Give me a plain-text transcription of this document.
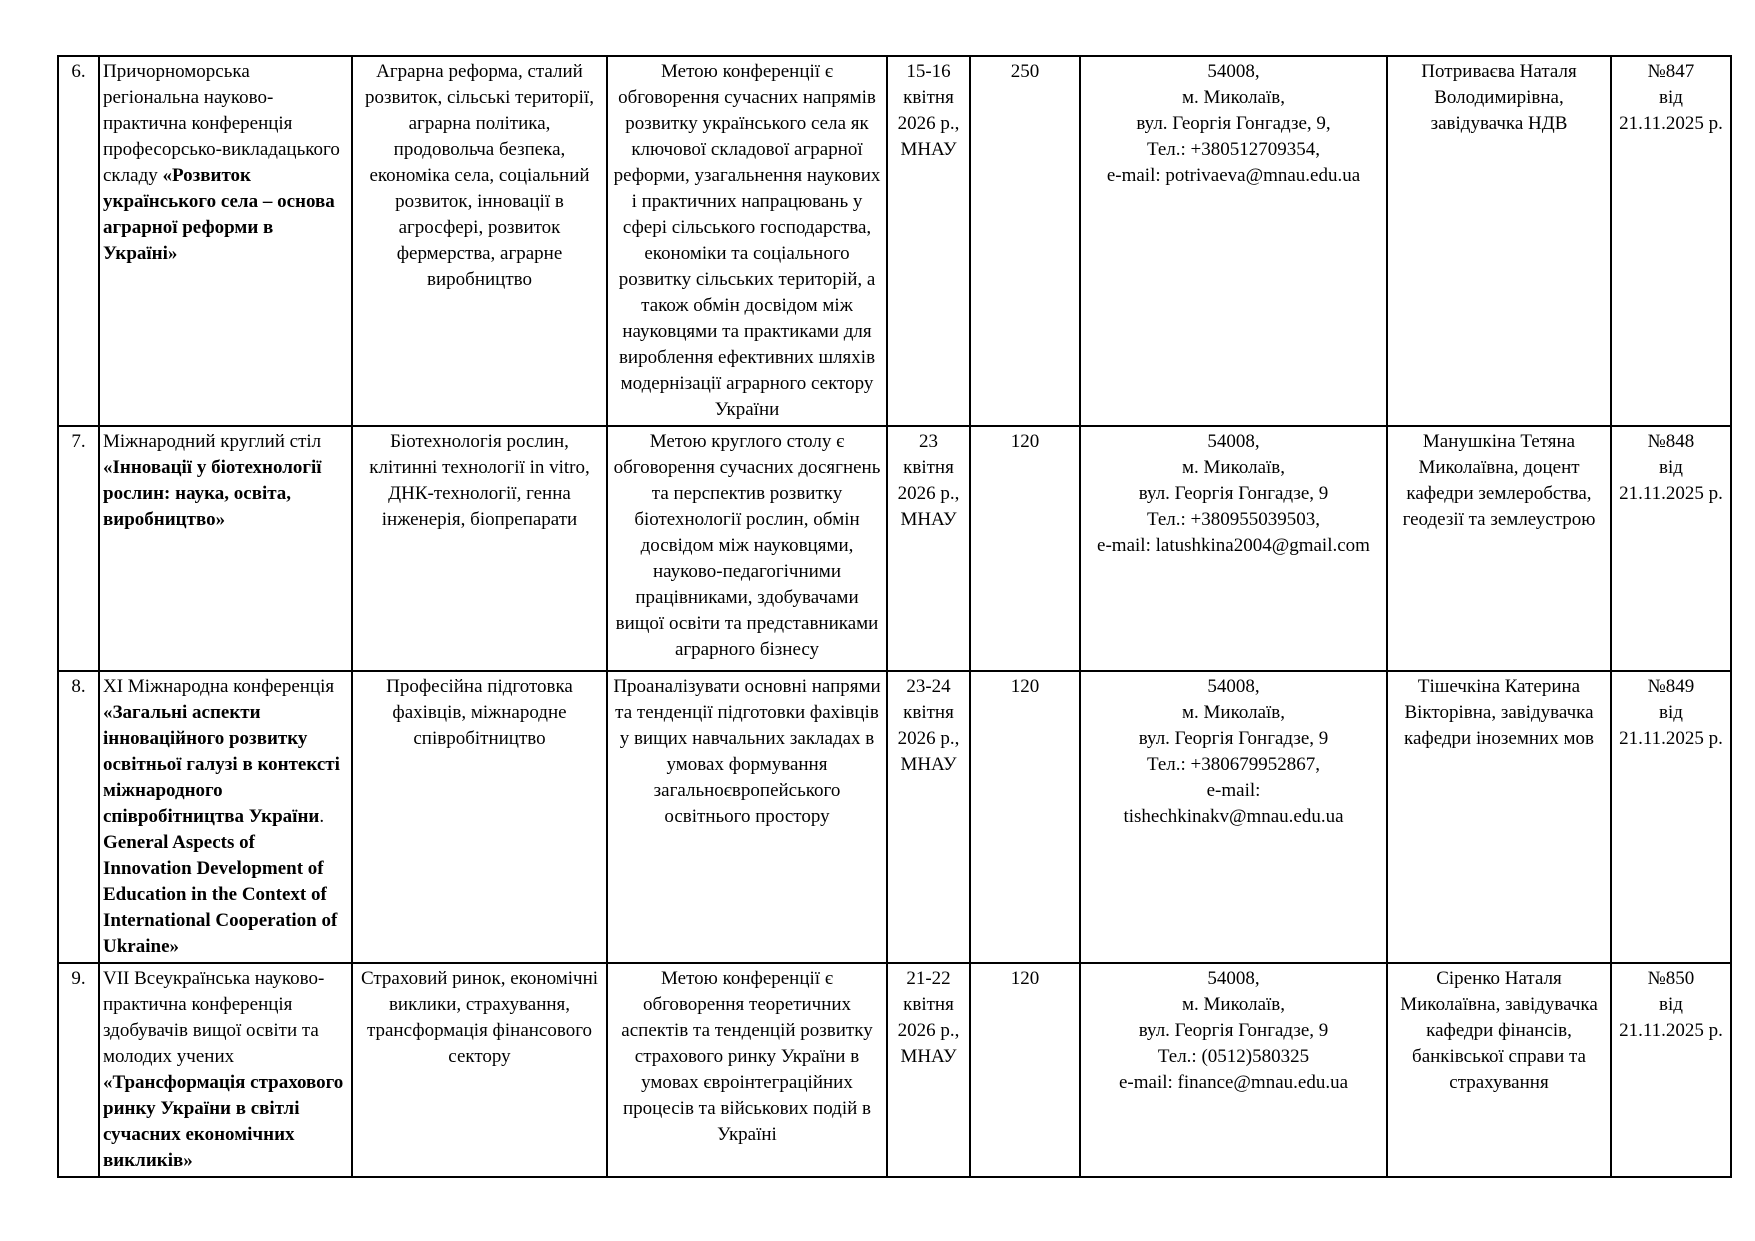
6.	Причорноморська регіональна науково-практична конференція професорсько-викладацького складу «Розвиток українського села – основа аграрної реформи в Україні»	Аграрна реформа, сталий розвиток, сільські території, аграрна політика, продовольча безпека, економіка села, соціальний розвиток, інновації в агросфері, розвиток фермерства, аграрне виробництво	Метою конференції є обговорення сучасних напрямів розвитку українського села як ключової складової аграрної реформи, узагальнення наукових і практичних напрацювань у сфері сільського господарства, економіки та соціального розвитку сільських територій, а також обмін досвідом між науковцями та практиками для вироблення ефективних шляхів модернізації аграрного сектору України	15-16
квітня
2026 р.,
МНАУ	250	54008,
м. Миколаїв,
вул. Георгія Гонгадзе, 9,
Тел.: +380512709354,
e-mail: potrivaeva@mnau.edu.ua	Потриваєва Наталя Володимирівна, завідувачка НДВ	№847
від
21.11.2025 р.
7.	Міжнародний круглий стіл «Інновації у біотехнології рослин: наука, освіта, виробництво»	Біотехнологія рослин, клітинні технології in vitro, ДНК-технології, генна інженерія, біопрепарати	Метою круглого столу є обговорення сучасних досягнень та перспектив розвитку біотехнології рослин, обмін досвідом між науковцями, науково-педагогічними працівниками, здобувачами вищої освіти та представниками аграрного бізнесу	23
квітня
2026 р.,
МНАУ	120	54008,
м. Миколаїв,
вул. Георгія Гонгадзе, 9
Тел.: +380955039503,
e-mail: latushkina2004@gmail.com	Манушкіна Тетяна Миколаївна, доцент кафедри землеробства, геодезії та землеустрою	№848
від
21.11.2025 р.
8.	ХІ Міжнародна конференція «Загальні аспекти інноваційного розвитку освітньої галузі в контексті міжнародного співробітництва України. General Aspects of Innovation Development of Education in the Context of International Cooperation of Ukraine»	Професійна підготовка фахівців, міжнародне співробітництво	Проаналізувати основні напрями та тенденції підготовки фахівців у вищих навчальних закладах в умовах формування загальноєвропейського освітнього простору	23-24
квітня
2026 р.,
МНАУ	120	54008,
м. Миколаїв,
вул. Георгія Гонгадзе, 9
Тел.: +380679952867,
e-mail:
tishechkinakv@mnau.edu.ua	Тішечкіна Катерина Вікторівна, завідувачка кафедри іноземних мов	№849
від
21.11.2025 р.
9.	VII Всеукраїнська науково-практична конференція здобувачів вищої освіти та молодих учених «Трансформація страхового ринку України в світлі сучасних економічних викликів»	Страховий ринок, економічні виклики, страхування, трансформація фінансового сектору	Метою конференції є обговорення теоретичних аспектів та тенденцій розвитку страхового ринку України в умовах євроінтеграційних процесів та військових подій в Україні	21-22
квітня
2026 р.,
МНАУ	120	54008,
м. Миколаїв,
вул. Георгія Гонгадзе, 9
Тел.: (0512)580325
e-mail: finance@mnau.edu.ua	Сіренко Наталя Миколаївна, завідувачка кафедри фінансів, банківської справи та страхування	№850
від
21.11.2025 р.
